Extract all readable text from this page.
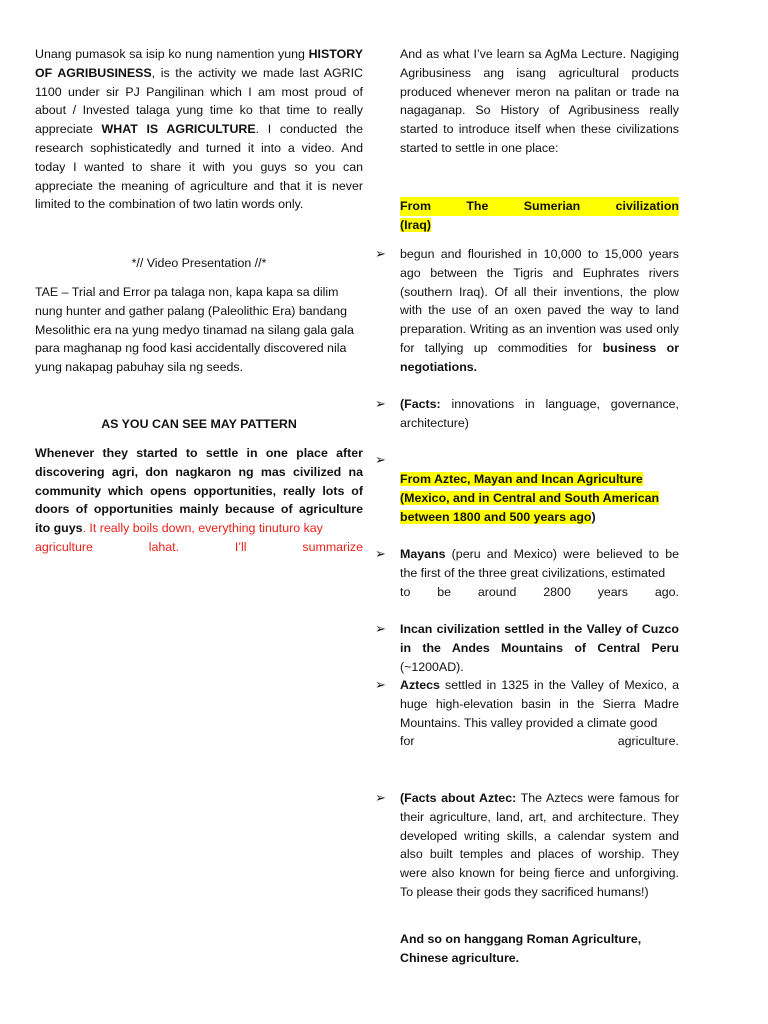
Unang pumasok sa isip ko nung namention yung HISTORY OF AGRIBUSINESS, is the activity we made last AGRIC 1100 under sir PJ Pangilinan which I am most proud of about / Invested talaga yung time ko that time to really appreciate WHAT IS AGRICULTURE. I conducted the research sophisticatedly and turned it into a video. And today I wanted to share it with you guys so you can appreciate the meaning of agriculture and that it is never limited to the combination of two latin words only.

*// Video Presentation //*

TAE – Trial and Error pa talaga non, kapa kapa sa dilim nung hunter and gather palang (Paleolithic Era) bandang Mesolithic era na yung medyo tinamad na silang gala gala para maghanap ng food kasi accidentally discovered nila yung nakapag pabuhay sila ng seeds.

AS YOU CAN SEE MAY PATTERN

Whenever they started to settle in one place after discovering agri, don nagkaron ng mas civilized na community which opens opportunities, really lots of doors of opportunities mainly because of agriculture ito guys. It really boils down, everything tinuturo kay

agriculture	lahat.	I’ll	summarize

And as what I’ve learn sa AgMa Lecture. Nagiging Agribusiness ang isang agricultural products produced whenever meron na palitan or trade na nagaganap. So History of Agribusiness really started to introduce itself when these civilizations started to settle in one place:

From	The	Sumerian	civilization
(Iraq)
➢ begun and flourished in 10,000 to 15,000 years ago between the Tigris and Euphrates rivers (southern Iraq). Of all their inventions, the plow with the use of an oxen paved the way to land preparation. Writing as an invention was used only for tallying up commodities for business or negotiations.
➢ (Facts: innovations in language, governance, architecture)
➢
From Aztec, Mayan and Incan Agriculture
(Mexico, and in Central and South American
between 1800 and 500 years ago)
➢ Mayans (peru and Mexico) were believed to be the first of the three great civilizations, estimated
to be around 2800 years ago.
➢ Incan civilization settled in the Valley of Cuzco in the Andes Mountains of Central Peru (~1200AD).
➢ Aztecs settled in 1325 in the Valley of Mexico, a huge high-elevation basin in the Sierra Madre Mountains. This valley provided a climate good
for	agriculture.
➢ (Facts about Aztec: The Aztecs were famous for their agriculture, land, art, and architecture. They developed writing skills, a calendar system and also built temples and places of worship. They were also known for being fierce and unforgiving. To please their gods they sacrificed humans!)

And so on hanggang Roman Agriculture, Chinese agriculture.
